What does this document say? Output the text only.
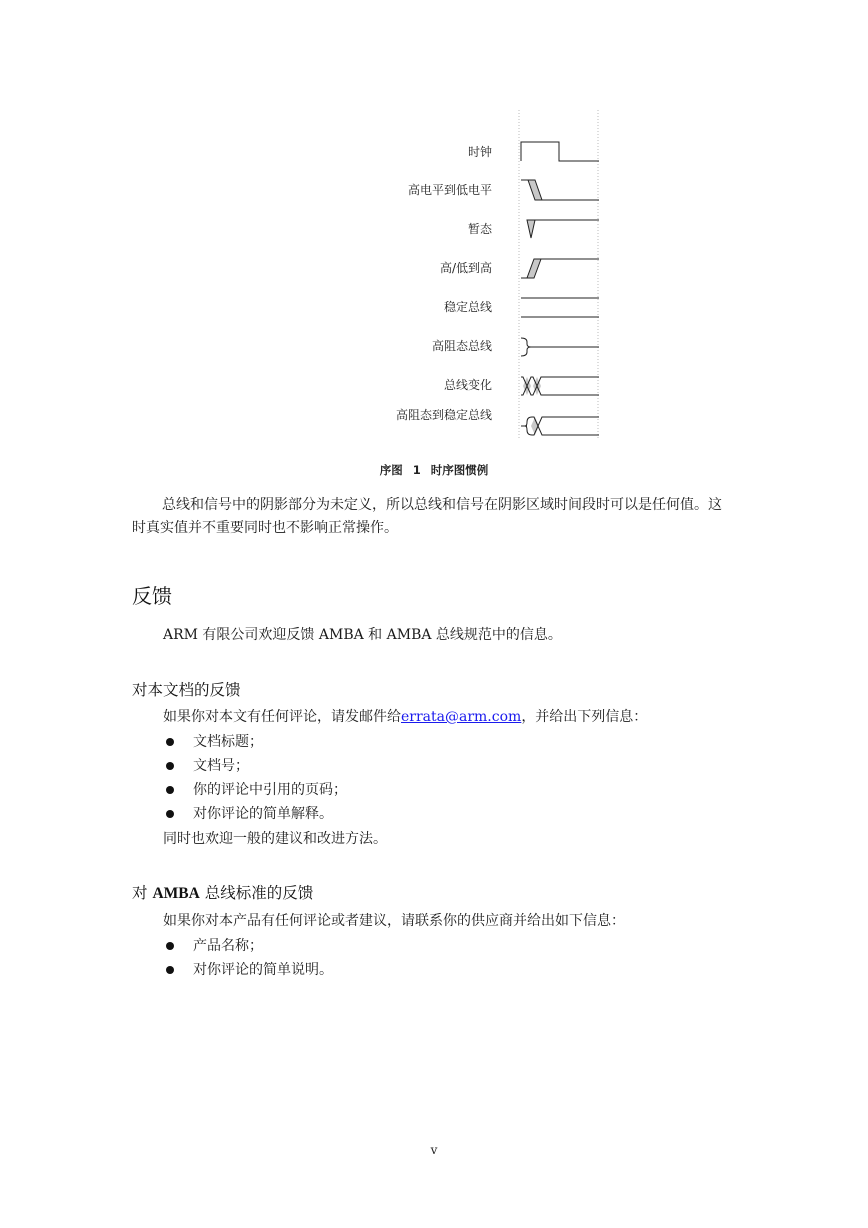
时钟
高电平到低电平
暂态
高/低到高
稳定总线
高阻态总线
总线变化
高阻态到稳定总线
序图 1 时序图惯例
总线和信号中的阴影部分为未定义，所以总线和信号在阴影区域时间段时可以是任何值。这时真实值并不重要同时也不影响正常操作。
反馈
ARM 有限公司欢迎反馈 AMBA 和 AMBA 总线规范中的信息。
对本文档的反馈
如果你对本文有任何评论，请发邮件给errata@arm.com，并给出下列信息：
文档标题；
文档号；
你的评论中引用的页码；
对你评论的简单解释。
同时也欢迎一般的建议和改进方法。
对 AMBA 总线标准的反馈
如果你对本产品有任何评论或者建议，请联系你的供应商并给出如下信息：
产品名称；
对你评论的简单说明。
v
